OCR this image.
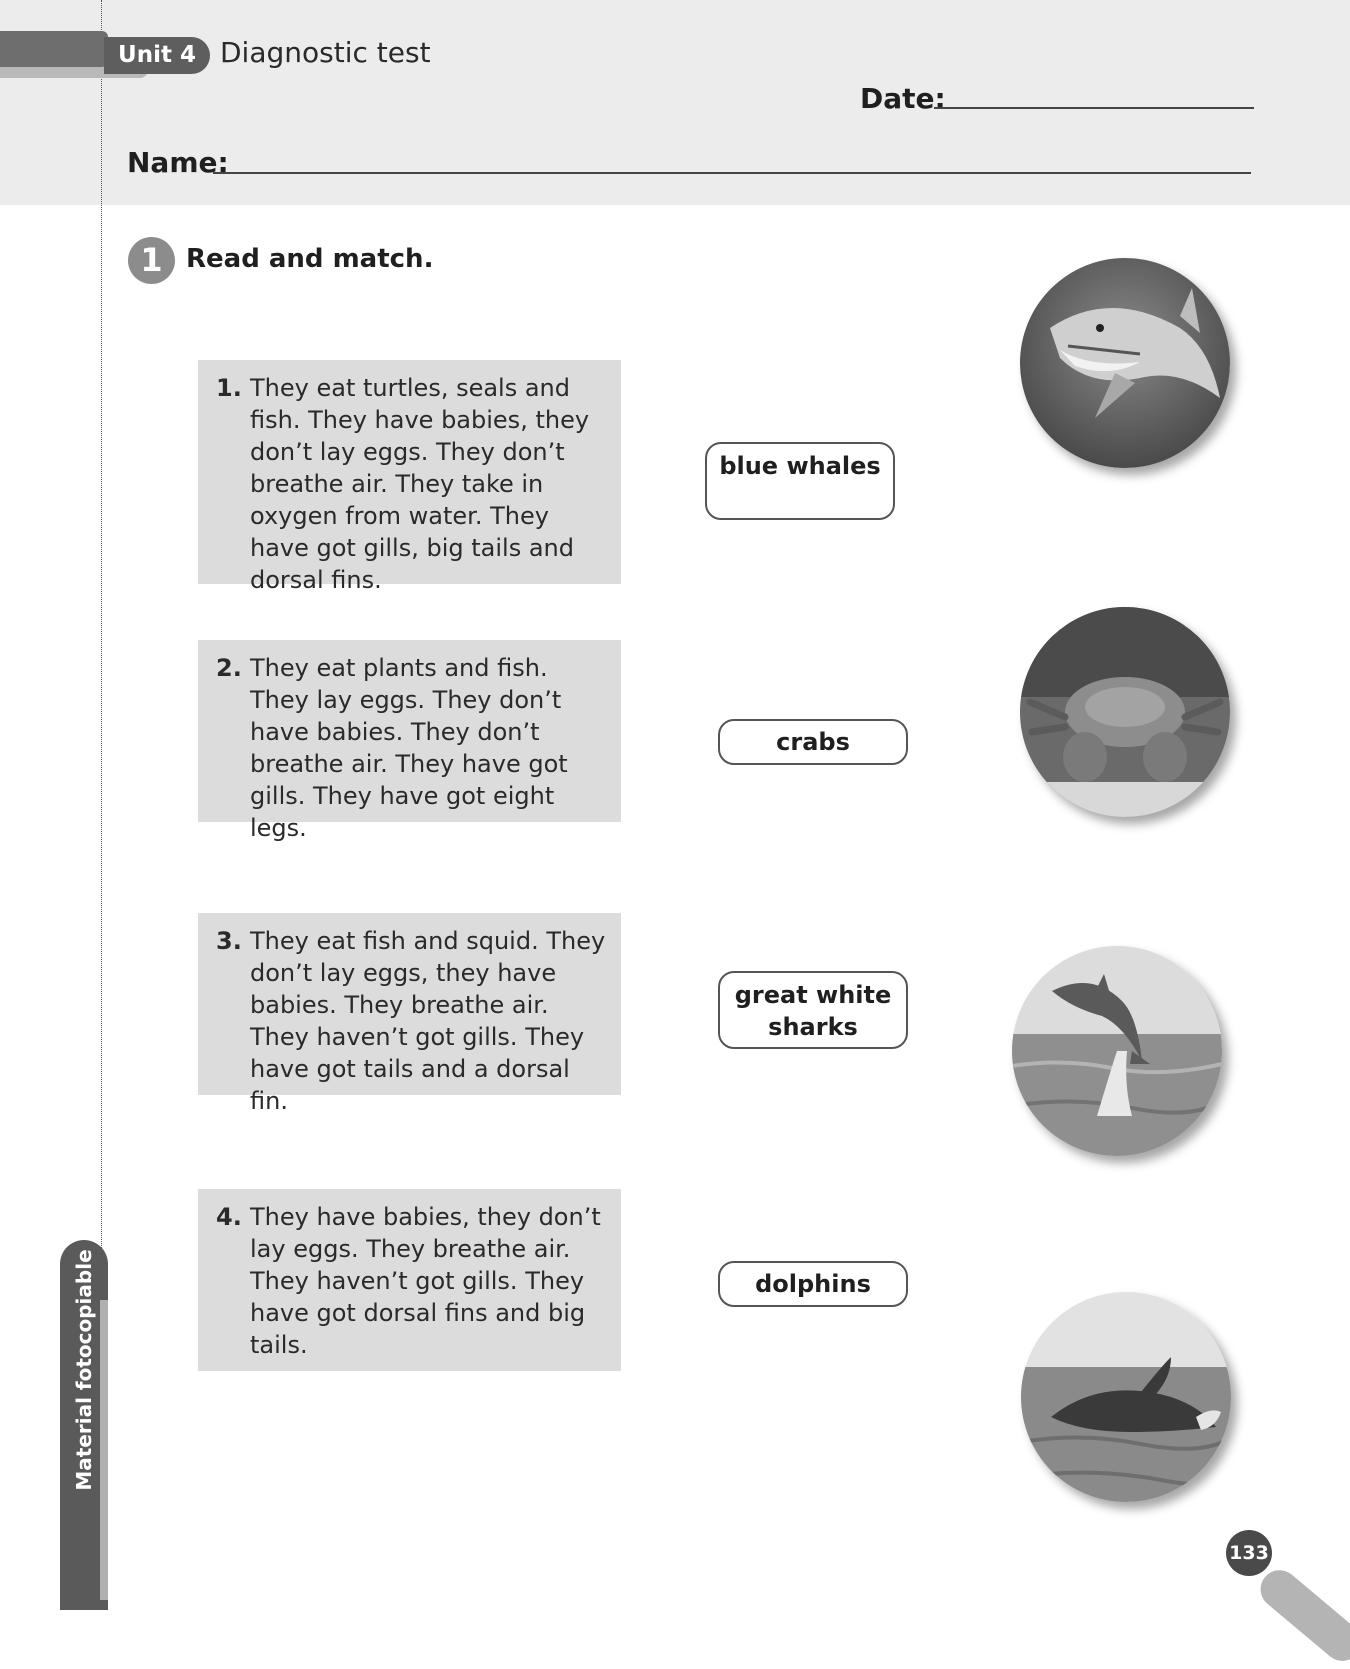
Unit 4 Diagnostic test
Date:
Name:
1 Read and match.
1. They eat turtles, seals and fish. They have babies, they don’t lay eggs. They don’t breathe air. They take in oxygen from water. They have got gills, big tails and dorsal fins.
2. They eat plants and fish. They lay eggs. They don’t have babies. They don’t breathe air. They have got gills. They have got eight legs.
3. They eat fish and squid. They don’t lay eggs, they have babies. They breathe air. They haven’t got gills. They have got tails and a dorsal fin.
4. They have babies, they don’t lay eggs. They breathe air. They haven’t got gills. They have got dorsal fins and big tails.
blue whales
crabs
great white sharks
dolphins
Material fotocopiable
133
